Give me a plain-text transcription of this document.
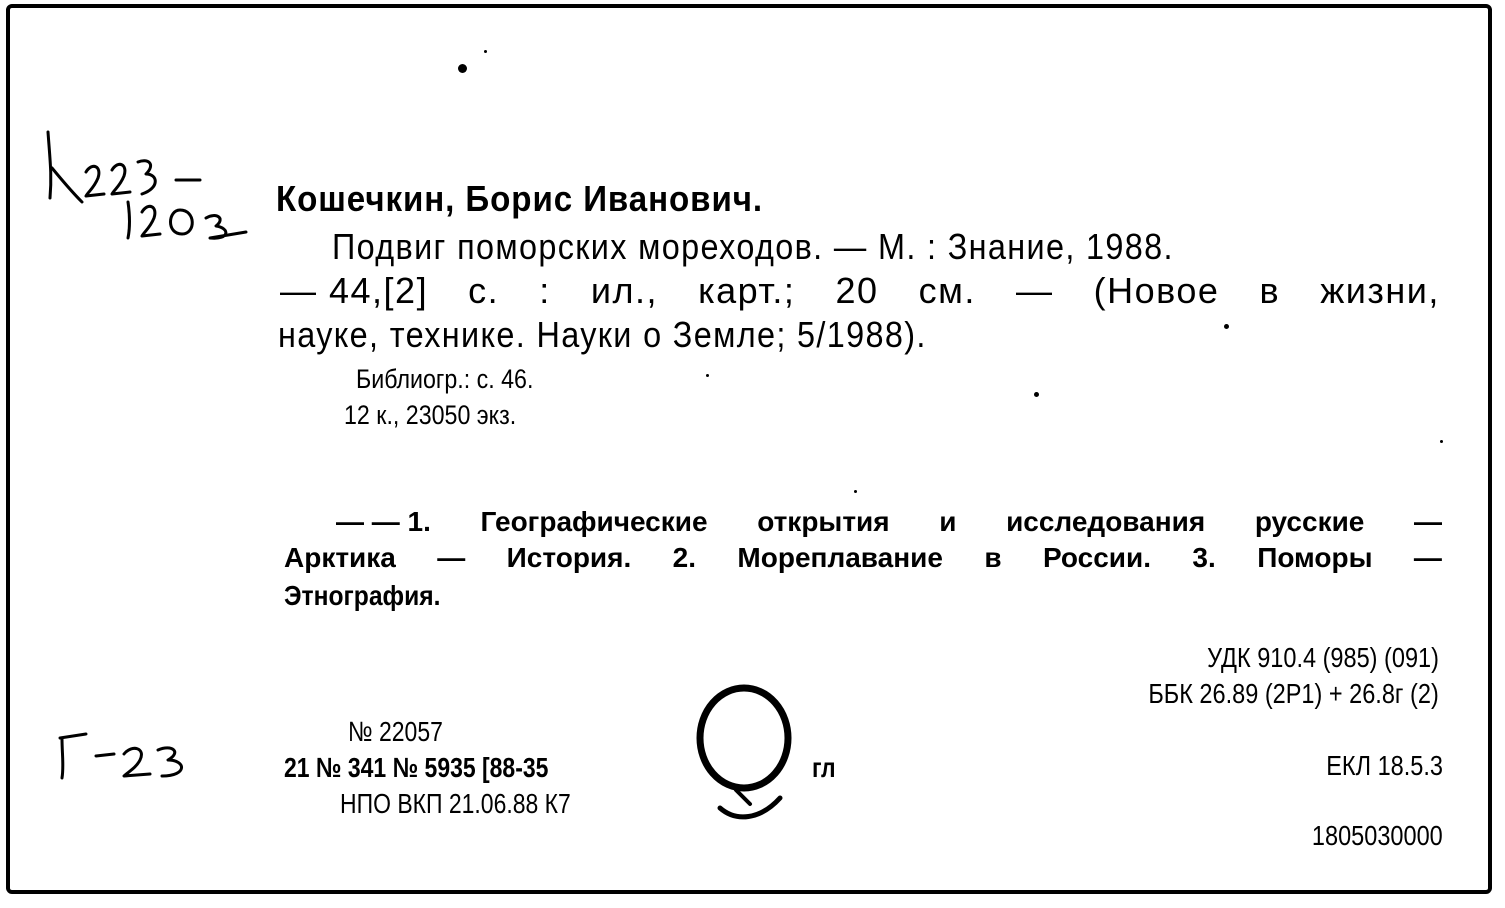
Кошечкин, Борис Иванович.
Подвиг поморских мореходов. — М. : Знание, 1988.
— 44,[2] с. : ил., карт.; 20 см. — (Новое в жизни,
науке, технике. Науки о Земле; 5/1988).
Библиогр.: с. 46.
12 к., 23050 экз.
— — 1. Географические открытия и исследования русские —
Арктика — История. 2. Мореплавание в России. 3. Поморы —
Этнография.
УДК 910.4 (985) (091)
ББК 26.89 (2Р1) + 26.8г (2)
ЕКЛ 18.5.3
1805030000
№ 22057
21 № 341 № 5935 [88-35	гл
НПО ВКП 21.06.88 К7
